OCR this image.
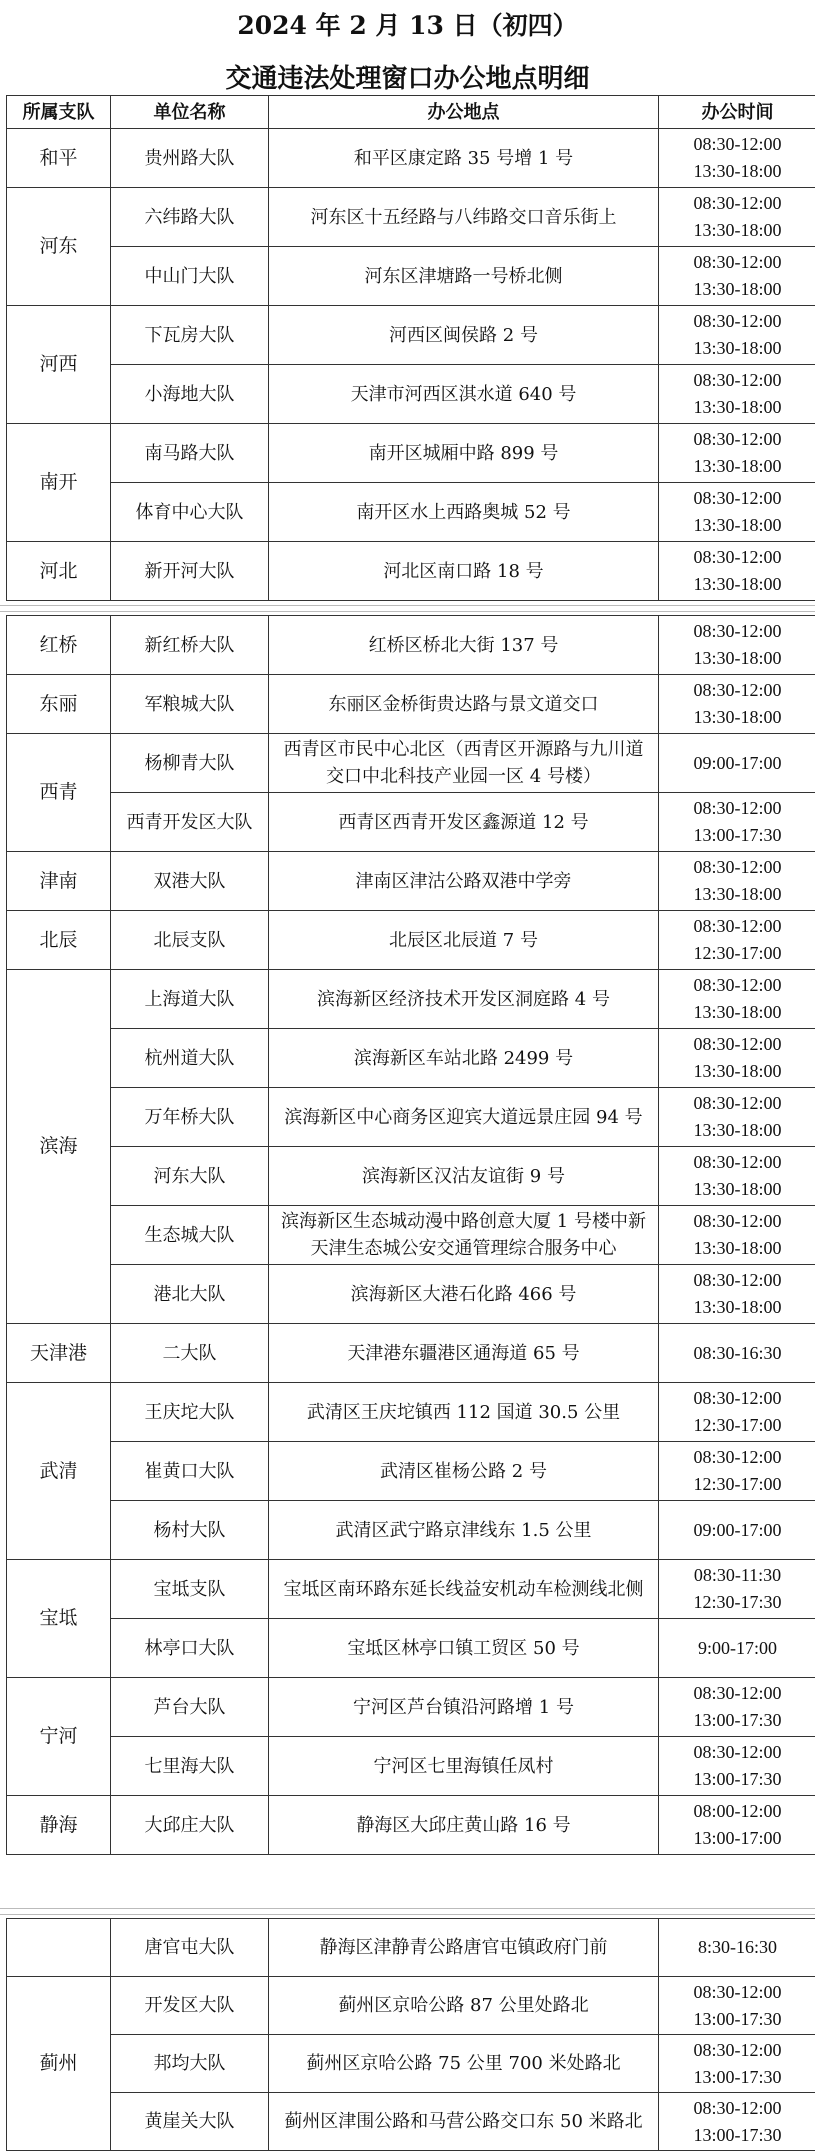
2024 年 2 月 13 日（初四）
交通违法处理窗口办公地点明细
所属支队	单位名称	办公地点	办公时间
和平	贵州路大队	和平区康定路 35 号增 1 号	08:30-12:00
13:30-18:00

河东	六纬路大队	河东区十五经路与八纬路交口音乐街上	08:30-12:00
13:30-18:00

	中山门大队	河东区津塘路一号桥北侧	08:30-12:00
13:30-18:00

河西	下瓦房大队	河西区闽侯路 2 号	08:30-12:00
13:30-18:00

	小海地大队	天津市河西区淇水道 640 号	08:30-12:00
13:30-18:00

南开	南马路大队	南开区城厢中路 899 号	08:30-12:00
13:30-18:00

	体育中心大队	南开区水上西路奥城 52 号	08:30-12:00
13:30-18:00

河北	新开河大队	河北区南口路 18 号	08:30-12:00
13:30-18:00
红桥	新红桥大队	红桥区桥北大街 137 号	08:30-12:00
13:30-18:00

东丽	军粮城大队	东丽区金桥街贵达路与景文道交口	08:30-12:00
13:30-18:00

西青	杨柳青大队	西青区市民中心北区（西青区开源路与九川道交口中北科技产业园一区 4 号楼）	09:00-17:00

	西青开发区大队	西青区西青开发区鑫源道 12 号	08:30-12:00
13:00-17:30

津南	双港大队	津南区津沽公路双港中学旁	08:30-12:00
13:30-18:00

北辰	北辰支队	北辰区北辰道 7 号	08:30-12:00
12:30-17:00

滨海	上海道大队	滨海新区经济技术开发区洞庭路 4 号	08:30-12:00
13:30-18:00

	杭州道大队	滨海新区车站北路 2499 号	08:30-12:00
13:30-18:00

	万年桥大队	滨海新区中心商务区迎宾大道远景庄园 94 号	08:30-12:00
13:30-18:00

	河东大队	滨海新区汉沽友谊街 9 号	08:30-12:00
13:30-18:00

	生态城大队	滨海新区生态城动漫中路创意大厦 1 号楼中新天津生态城公安交通管理综合服务中心	08:30-12:00
13:30-18:00

	港北大队	滨海新区大港石化路 466 号	08:30-12:00
13:30-18:00

天津港	二大队	天津港东疆港区通海道 65 号	08:30-16:30

武清	王庆坨大队	武清区王庆坨镇西 112 国道 30.5 公里	08:30-12:00
12:30-17:00

	崔黄口大队	武清区崔杨公路 2 号	08:30-12:00
12:30-17:00

	杨村大队	武清区武宁路京津线东 1.5 公里	09:00-17:00

宝坻	宝坻支队	宝坻区南环路东延长线益安机动车检测线北侧	08:30-11:30
12:30-17:30

	林亭口大队	宝坻区林亭口镇工贸区 50 号	9:00-17:00

宁河	芦台大队	宁河区芦台镇沿河路增 1 号	08:30-12:00
13:00-17:30

	七里海大队	宁河区七里海镇任凤村	08:30-12:00
13:00-17:30

静海	大邱庄大队	静海区大邱庄黄山路 16 号	08:00-12:00
13:00-17:00
	唐官屯大队	静海区津静青公路唐官屯镇政府门前	8:30-16:30

蓟州	开发区大队	蓟州区京哈公路 87 公里处路北	08:30-12:00
13:00-17:30

	邦均大队	蓟州区京哈公路 75 公里 700 米处路北	08:30-12:00
13:00-17:30

	黄崖关大队	蓟州区津围公路和马营公路交口东 50 米路北	08:30-12:00
13:00-17:30
